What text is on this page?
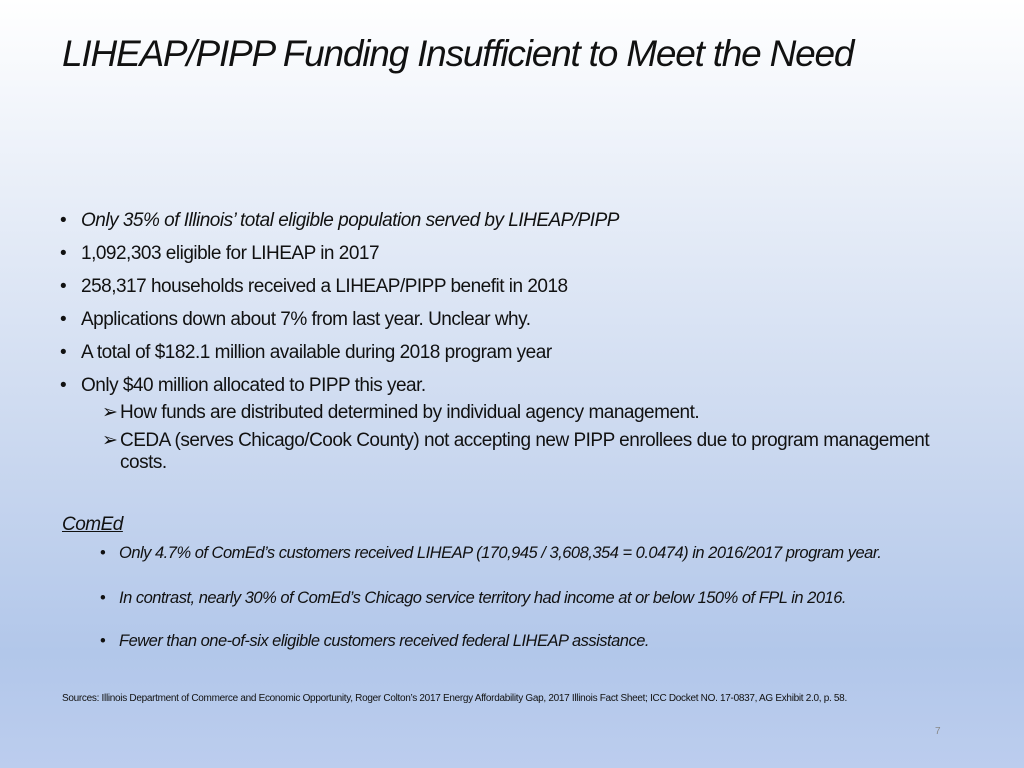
LIHEAP/PIPP Funding Insufficient to Meet the Need
• Only 35% of Illinois’ total eligible population served by LIHEAP/PIPP
• 1,092,303 eligible for LIHEAP in 2017
• 258,317 households received a LIHEAP/PIPP benefit in 2018
• Applications down about 7% from last year. Unclear why.
• A total of $182.1 million available during 2018 program year
• Only $40 million allocated to PIPP this year.
➢ How funds are distributed determined by individual agency management.
➢ CEDA (serves Chicago/Cook County) not accepting new PIPP enrollees due to program management costs.
ComEd
• Only 4.7% of ComEd’s customers received LIHEAP (170,945 / 3,608,354 = 0.0474) in 2016/2017 program year.
• In contrast, nearly 30% of ComEd’s Chicago service territory had income at or below 150% of FPL in 2016.
• Fewer than one-of-six eligible customers received federal LIHEAP assistance.
Sources: Illinois Department of Commerce and Economic Opportunity, Roger Colton’s 2017 Energy Affordability Gap, 2017 Illinois Fact Sheet; ICC Docket NO. 17-0837, AG Exhibit 2.0, p. 58.
7
